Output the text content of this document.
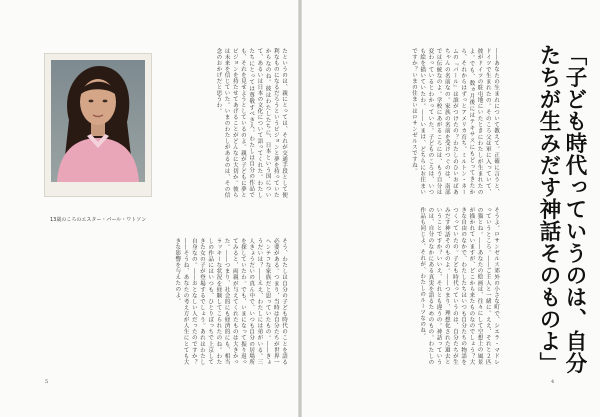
「子ども時代っていうのは、自分たちが生みだす神話そのものよ」
――あなたの生まれについて教えて。正確に言うと、ドイツで生まれたの。そのころ父は軍に入っていて、彼がドイツの駐屯地にいたときにわたしが生まれたのよ。でも、数ヵ月後にはテキサスにもどってきたから、それからはずっとアメリカ育ち。ミルトン・ネームの『パール』は誰がつけたの？わたしのひいおばあちゃんの名前なの。家族の名前を受けつぐのは、南部では伝統なのよ。学校にあがるころには、もう自分は変わっているとわかっていた。子どものころは、いつも絵を描いていたわ。――いまは、どちらにお住まいですか？いまの住まいはロサンゼルスですね。
そうよ。ロサンゼルス郊外の小さな町で、シエラ・マドレっていうところ。――ご主人と一緒に。ええ、それと２匹の猫とね。――あなたの絵画は、往々にして空想上の風景が描かれていますが、どこから来たものなのでしょう？大きな自由のなかで、わたしたちはいつも自分たちの物語をつくっていたの。子ども時代っていうのは、自分たちが生みだす神話そのものよ。――つまり、理想化された過去ということですか？いいえ、それとも違うの。神話っていうのは、自分のなかにある真実を語るためのもの。わたしの作品も同じよ。それが、わたしのルーツなのね。
4
13歳のころのエスター・パール・ワトソン
たというのは、親にとっては、それが交通手段として便利なものになるだろうというビジョンと夢を持っていたからなのね。彼はわたしたちに、日本という国について、あるいは日本の文化について語ってくれた。わたしたちにとっては尊敬すべき人。わたしは自分の作品でも、それを見せようとしているのよ。親が子どもに夢とビジョンを持たせてあげることがどんなに大切か。彼らは未来を信じていた。いまのわたしがあるのは、その信念のおかげだと思うわ。
そう、わたしは自分の子ども時代のことを語る必要がある。つまり、当時は自分たちが世界一ヘンテコな家族だと思っていたもの。――きょうだいは？――ええ、わたしには弟がいる。三人きょうだいの真ん中で、いつも自分の居場所を探していたわ。でも、いまになって振り返ってみると、両親が与えてくれたものは大きかった。――つまり、社会的にも経済的にも、相当ラッキーな状況を経験してこられたのね。わたしの作品にはいつも、ひとりぼっちで上京してきた女の子が登場するでしょう。あれはわたし自身なの。――おとなしい人だったのですか？――そうね、あなたの考え方が人生にとても大きな影響を与えたのよ。
5
